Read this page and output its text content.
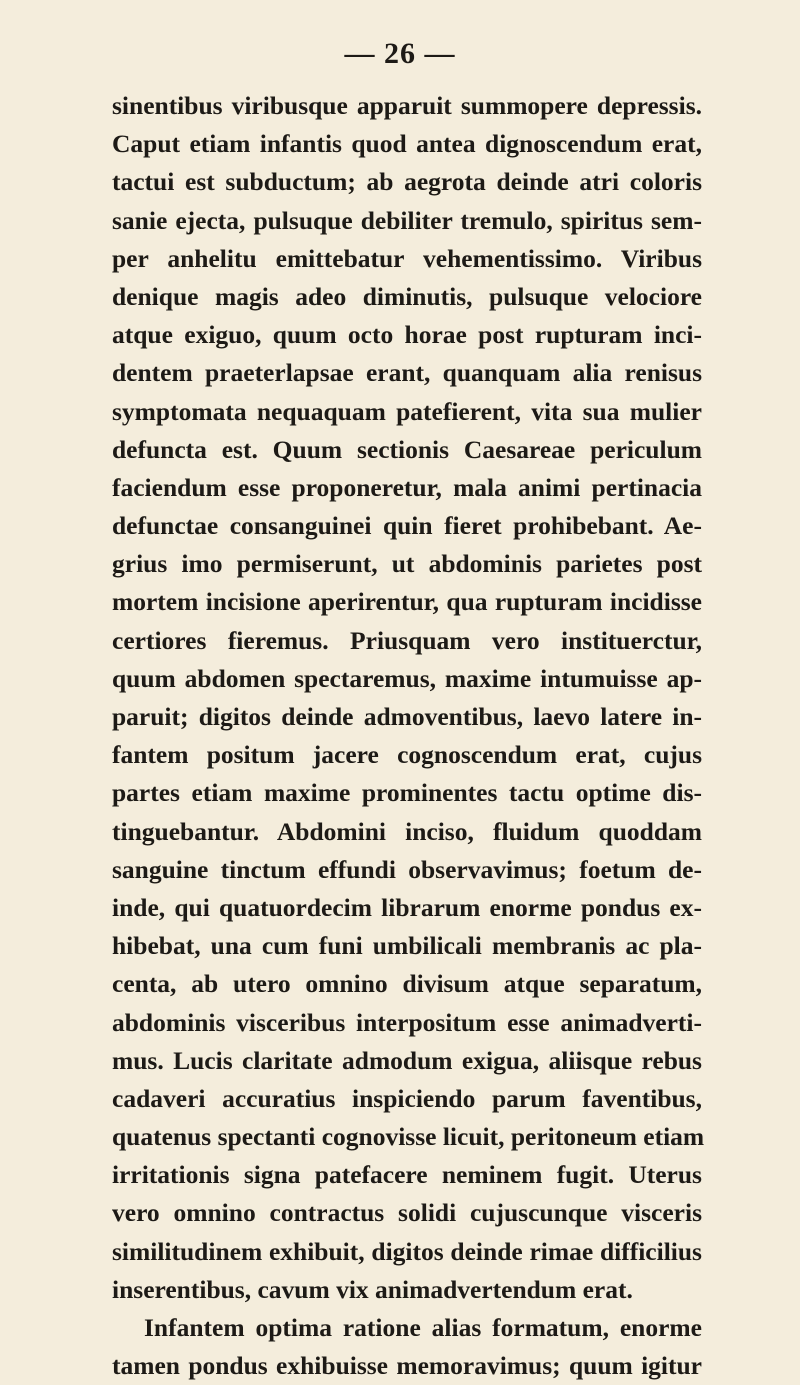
— 26 —
sinentibus viribusque apparuit summopere depressis.
Caput etiam infantis quod antea dignoscendum erat,
tactui est subductum; ab aegrota deinde atri coloris
sanie ejecta, pulsuque debiliter tremulo, spiritus sem-
per anhelitu emittebatur vehementissimo. Viribus
denique magis adeo diminutis, pulsuque velociore
atque exiguo, quum octo horae post rupturam inci-
dentem praeterlapsae erant, quanquam alia renisus
symptomata nequaquam patefierent, vita sua mulier
defuncta est. Quum sectionis Caesareae periculum
faciendum esse proponeretur, mala animi pertinacia
defunctae consanguinei quin fieret prohibebant. Ae-
grius imo permiserunt, ut abdominis parietes post
mortem incisione aperirentur, qua rupturam incidisse
certiores fieremus. Priusquam vero instituerctur,
quum abdomen spectaremus, maxime intumuisse ap-
paruit; digitos deinde admoventibus, laevo latere in-
fantem positum jacere cognoscendum erat, cujus
partes etiam maxime prominentes tactu optime dis-
tinguebantur. Abdomini inciso, fluidum quoddam
sanguine tinctum effundi observavimus; foetum de-
inde, qui quatuordecim librarum enorme pondus ex-
hibebat, una cum funi umbilicali membranis ac pla-
centa, ab utero omnino divisum atque separatum,
abdominis visceribus interpositum esse animadverti-
mus. Lucis claritate admodum exigua, aliisque rebus
cadaveri accuratius inspiciendo parum faventibus,
quatenus spectanti cognovisse licuit, peritoneum etiam
irritationis signa patefacere neminem fugit. Uterus
vero omnino contractus solidi cujuscunque visceris
similitudinem exhibuit, digitos deinde rimae difficilius
inserentibus, cavum vix animadvertendum erat.
Infantem optima ratione alias formatum, enorme
tamen pondus exhibuisse memoravimus; quum igitur
